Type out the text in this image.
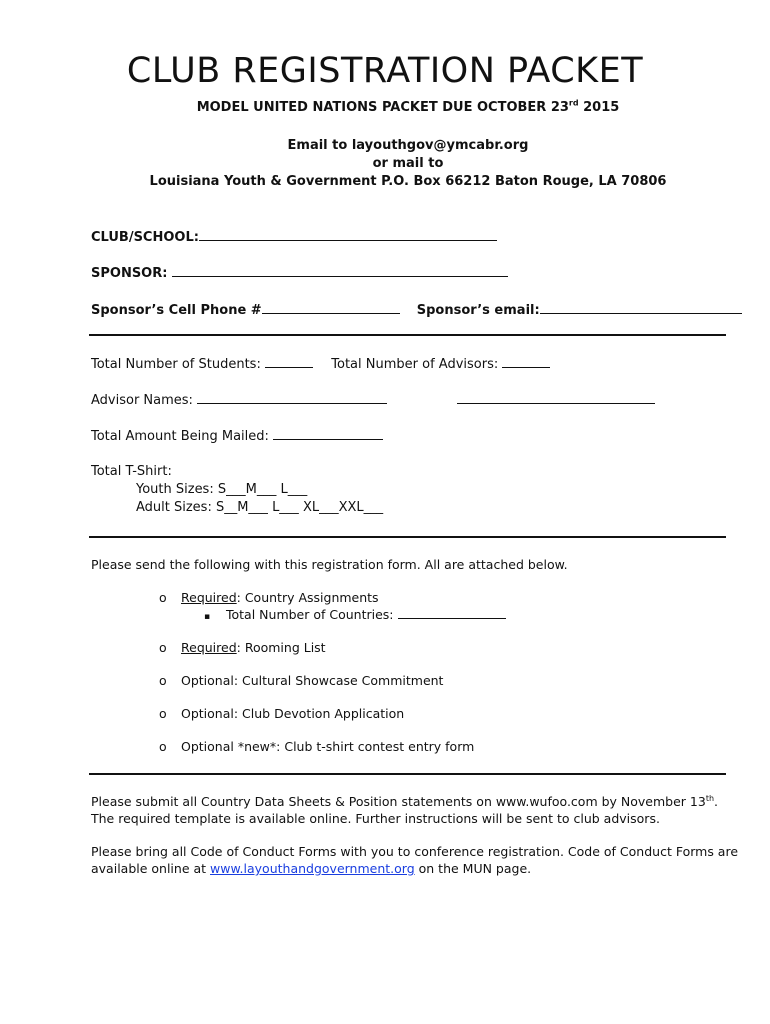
CLUB REGISTRATION PACKET
MODEL UNITED NATIONS PACKET DUE OCTOBER 23rd 2015
Email to layouthgov@ymcabr.org
or mail to
Louisiana Youth & Government P.O. Box 66212 Baton Rouge, LA 70806
CLUB/SCHOOL:
SPONSOR:
Sponsor’s Cell Phone #	Sponsor’s email:
Total Number of Students:	Total Number of Advisors:
Advisor Names:
Total Amount Being Mailed:
Total T-Shirt:
Youth Sizes: S___M___ L___
Adult Sizes: S__M___ L___ XL___XXL___
Please send the following with this registration form. All are attached below.
o Required: Country Assignments
▪ Total Number of Countries:
o Required: Rooming List
o Optional: Cultural Showcase Commitment
o Optional: Club Devotion Application
o Optional *new*: Club t-shirt contest entry form
Please submit all Country Data Sheets & Position statements on www.wufoo.com by November 13th.
The required template is available online. Further instructions will be sent to club advisors.
Please bring all Code of Conduct Forms with you to conference registration. Code of Conduct Forms are available online at www.layouthandgovernment.org on the MUN page.
